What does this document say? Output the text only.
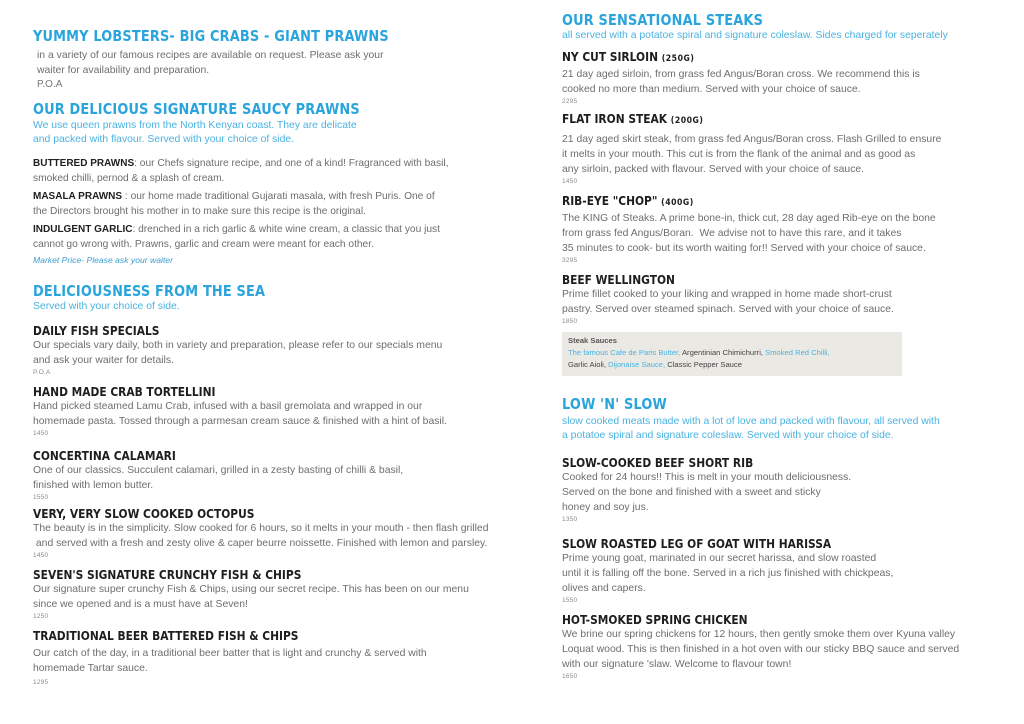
YUMMY LOBSTERS- BIG CRABS - GIANT PRAWNS
in a variety of our famous recipes are available on request. Please ask your
waiter for availability and preparation.
P.O.A
OUR DELICIOUS SIGNATURE SAUCY PRAWNS
We use queen prawns from the North Kenyan coast. They are delicate
and packed with flavour. Served with your choice of side.
BUTTERED PRAWNS: our Chefs signature recipe, and one of a kind! Fragranced with basil,
smoked chilli, pernod & a splash of cream.
MASALA PRAWNS : our home made traditional Gujarati masala, with fresh Puris. One of
the Directors brought his mother in to make sure this recipe is the original.
INDULGENT GARLIC: drenched in a rich garlic & white wine cream, a classic that you just
cannot go wrong with. Prawns, garlic and cream were meant for each other.
Market Price- Please ask your waiter
DELICIOUSNESS FROM THE SEA
Served with your choice of side.
DAILY FISH SPECIALS
Our specials vary daily, both in variety and preparation, please refer to our specials menu
and ask your waiter for details.
P.O.A
HAND MADE CRAB TORTELLINI
Hand picked steamed Lamu Crab, infused with a basil gremolata and wrapped in our
homemade pasta. Tossed through a parmesan cream sauce & finished with a hint of basil.
1450
CONCERTINA CALAMARI
One of our classics. Succulent calamari, grilled in a zesty basting of chilli & basil,
finished with lemon butter.
1550
VERY, VERY SLOW COOKED OCTOPUS
The beauty is in the simplicity. Slow cooked for 6 hours, so it melts in your mouth - then flash grilled
and served with a fresh and zesty olive & caper beurre noissette. Finished with lemon and parsley.
1450
SEVEN'S SIGNATURE CRUNCHY FISH & CHIPS
Our signature super crunchy Fish & Chips, using our secret recipe. This has been on our menu
since we opened and is a must have at Seven!
1250
TRADITIONAL BEER BATTERED FISH & CHIPS
Our catch of the day, in a traditional beer batter that is light and crunchy & served with
homemade Tartar sauce.
1295
OUR SENSATIONAL STEAKS
all served with a potatoe spiral and signature coleslaw. Sides charged for seperately
NY CUT SIRLOIN (250G)
21 day aged sirloin, from grass fed Angus/Boran cross. We recommend this is
cooked no more than medium. Served with your choice of sauce.
2295
FLAT IRON STEAK (200G)
21 day aged skirt steak, from grass fed Angus/Boran cross. Flash Grilled to ensure
it melts in your mouth. This cut is from the flank of the animal and as good as
any sirloin, packed with flavour. Served with your choice of sauce.
1450
RIB-EYE "CHOP" (400G)
The KING of Steaks. A prime bone-in, thick cut, 28 day aged Rib-eye on the bone
from grass fed Angus/Boran.  We advise not to have this rare, and it takes
35 minutes to cook- but its worth waiting for!! Served with your choice of sauce.
3295
BEEF WELLINGTON
Prime fillet cooked to your liking and wrapped in home made short-crust
pastry. Served over steamed spinach. Served with your choice of sauce.
1850
Steak Sauces
The famous Cafe de Paris Butter, Argentinian Chimichurri, Smoked Red Chilli,
Garlic Aioli, Dijonaise Sauce, Classic Pepper Sauce
LOW 'N' SLOW
slow cooked meats made with a lot of love and packed with flavour, all served with
a potatoe spiral and signature coleslaw. Served with your choice of side.
SLOW-COOKED BEEF SHORT RIB
Cooked for 24 hours!! This is melt in your mouth deliciousness.
Served on the bone and finished with a sweet and sticky
honey and soy jus.
1350
SLOW ROASTED LEG OF GOAT WITH HARISSA
Prime young goat, marinated in our secret harissa, and slow roasted
until it is falling off the bone. Served in a rich jus finished with chickpeas,
olives and capers.
1550
HOT-SMOKED SPRING CHICKEN
We brine our spring chickens for 12 hours, then gently smoke them over Kyuna valley
Loquat wood. This is then finished in a hot oven with our sticky BBQ sauce and served
with our signature 'slaw. Welcome to flavour town!
1650
